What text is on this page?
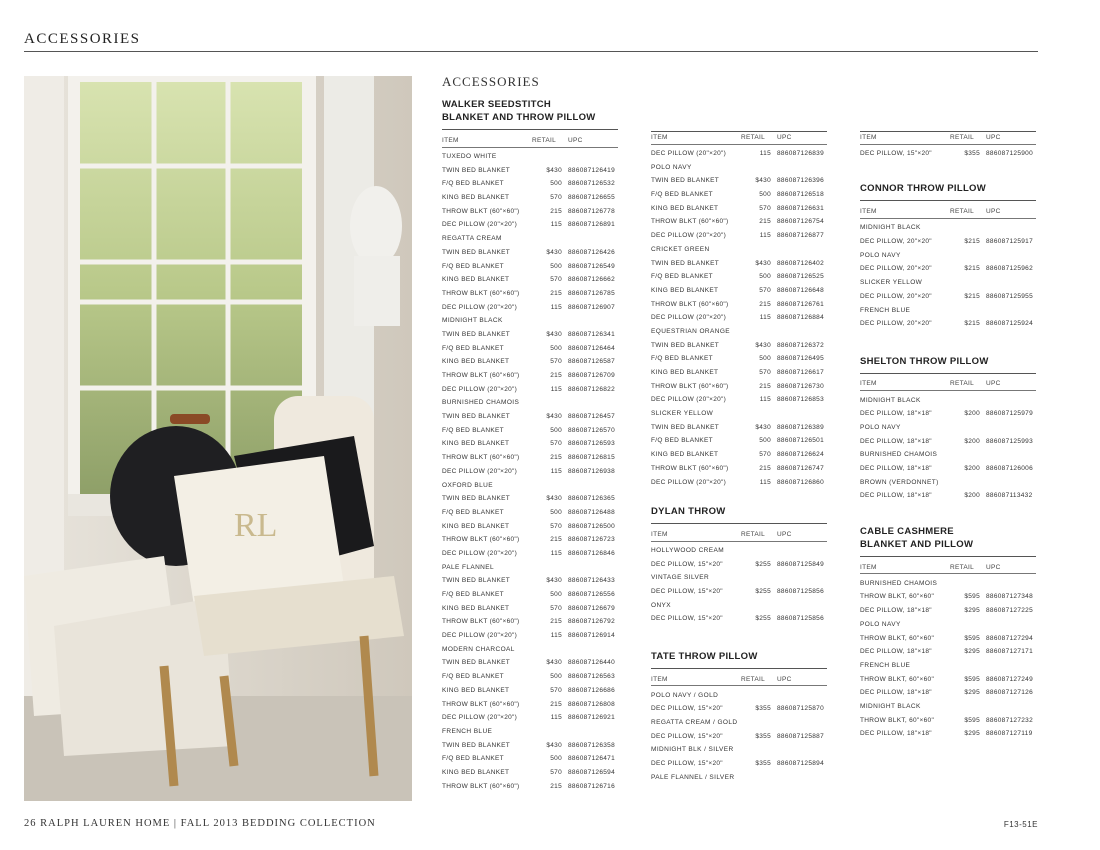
ACCESSORIES
RL
ACCESSORIES
WALKER SEEDSTITCH
BLANKET AND THROW PILLOW
ITEM	RETAIL	UPC
TUXEDO WHITE
TWIN BED BLANKET	$430 886087126419
F/Q BED BLANKET	500 886087126532
KING BED BLANKET	570 886087126655
THROW BLKT (60"×60")	215 886087126778
DEC PILLOW (20"×20")	115 886087126891
REGATTA CREAM
TWIN BED BLANKET	$430 886087126426
F/Q BED BLANKET	500 886087126549
KING BED BLANKET	570 886087126662
THROW BLKT (60"×60")	215 886087126785
DEC PILLOW (20"×20")	115 886087126907
MIDNIGHT BLACK
TWIN BED BLANKET	$430 886087126341
F/Q BED BLANKET	500 886087126464
KING BED BLANKET	570 886087126587
THROW BLKT (60"×60")	215 886087126709
DEC PILLOW (20"×20")	115 886087126822
BURNISHED CHAMOIS
TWIN BED BLANKET	$430 886087126457
F/Q BED BLANKET	500 886087126570
KING BED BLANKET	570 886087126593
THROW BLKT (60"×60")	215 886087126815
DEC PILLOW (20"×20")	115 886087126938
OXFORD BLUE
TWIN BED BLANKET	$430 886087126365
F/Q BED BLANKET	500 886087126488
KING BED BLANKET	570 886087126500
THROW BLKT (60"×60")	215 886087126723
DEC PILLOW (20"×20")	115 886087126846
PALE FLANNEL
TWIN BED BLANKET	$430 886087126433
F/Q BED BLANKET	500 886087126556
KING BED BLANKET	570 886087126679
THROW BLKT (60"×60")	215 886087126792
DEC PILLOW (20"×20")	115 886087126914
MODERN CHARCOAL
TWIN BED BLANKET	$430 886087126440
F/Q BED BLANKET	500 886087126563
KING BED BLANKET	570 886087126686
THROW BLKT (60"×60")	215 886087126808
DEC PILLOW (20"×20")	115 886087126921
FRENCH BLUE
TWIN BED BLANKET	$430 886087126358
F/Q BED BLANKET	500 886087126471
KING BED BLANKET	570 886087126594
THROW BLKT (60"×60")	215 886087126716
ITEM	RETAIL	UPC
DEC PILLOW (20"×20")	115 886087126839
POLO NAVY
TWIN BED BLANKET	$430 886087126396
F/Q BED BLANKET	500 886087126518
KING BED BLANKET	570 886087126631
THROW BLKT (60"×60")	215 886087126754
DEC PILLOW (20"×20")	115 886087126877
CRICKET GREEN
TWIN BED BLANKET	$430 886087126402
F/Q BED BLANKET	500 886087126525
KING BED BLANKET	570 886087126648
THROW BLKT (60"×60")	215 886087126761
DEC PILLOW (20"×20")	115 886087126884
EQUESTRIAN ORANGE
TWIN BED BLANKET	$430 886087126372
F/Q BED BLANKET	500 886087126495
KING BED BLANKET	570 886087126617
THROW BLKT (60"×60")	215 886087126730
DEC PILLOW (20"×20")	115 886087126853
SLICKER YELLOW
TWIN BED BLANKET	$430 886087126389
F/Q BED BLANKET	500 886087126501
KING BED BLANKET	570 886087126624
THROW BLKT (60"×60")	215 886087126747
DEC PILLOW (20"×20")	115 886087126860
DYLAN THROW
ITEM	RETAIL	UPC
HOLLYWOOD CREAM
DEC PILLOW, 15"×20"	$255 886087125849
VINTAGE SILVER
DEC PILLOW, 15"×20"	$255 886087125856
ONYX
DEC PILLOW, 15"×20"	$255 886087125856
TATE THROW PILLOW
ITEM	RETAIL	UPC
POLO NAVY / GOLD
DEC PILLOW, 15"×20"	$355 886087125870
REGATTA CREAM / GOLD
DEC PILLOW, 15"×20"	$355 886087125887
MIDNIGHT BLK / SILVER
DEC PILLOW, 15"×20"	$355 886087125894
PALE FLANNEL / SILVER
ITEM	RETAIL	UPC
DEC PILLOW, 15"×20"	$355 886087125900
CONNOR THROW PILLOW
ITEM	RETAIL	UPC
MIDNIGHT BLACK
DEC PILLOW, 20"×20"	$215 886087125917
POLO NAVY
DEC PILLOW, 20"×20"	$215 886087125962
SLICKER YELLOW
DEC PILLOW, 20"×20"	$215 886087125955
FRENCH BLUE
DEC PILLOW, 20"×20"	$215 886087125924
SHELTON THROW PILLOW
ITEM	RETAIL	UPC
MIDNIGHT BLACK
DEC PILLOW, 18"×18"	$200 886087125979
POLO NAVY
DEC PILLOW, 18"×18"	$200 886087125993
BURNISHED CHAMOIS
DEC PILLOW, 18"×18"	$200 886087126006
BROWN (VERDONNET)
DEC PILLOW, 18"×18"	$200 886087113432
CABLE CASHMERE
BLANKET AND PILLOW
ITEM	RETAIL	UPC
BURNISHED CHAMOIS
THROW BLKT, 60"×60"	$595 886087127348
DEC PILLOW, 18"×18"	$295 886087127225
POLO NAVY
THROW BLKT, 60"×60"	$595 886087127294
DEC PILLOW, 18"×18"	$295 886087127171
FRENCH BLUE
THROW BLKT, 60"×60"	$595 886087127249
DEC PILLOW, 18"×18"	$295 886087127126
MIDNIGHT BLACK
THROW BLKT, 60"×60"	$595 886087127232
DEC PILLOW, 18"×18"	$295 886087127119
26 RALPH LAUREN HOME | FALL 2013 BEDDING COLLECTION	F13-51E
